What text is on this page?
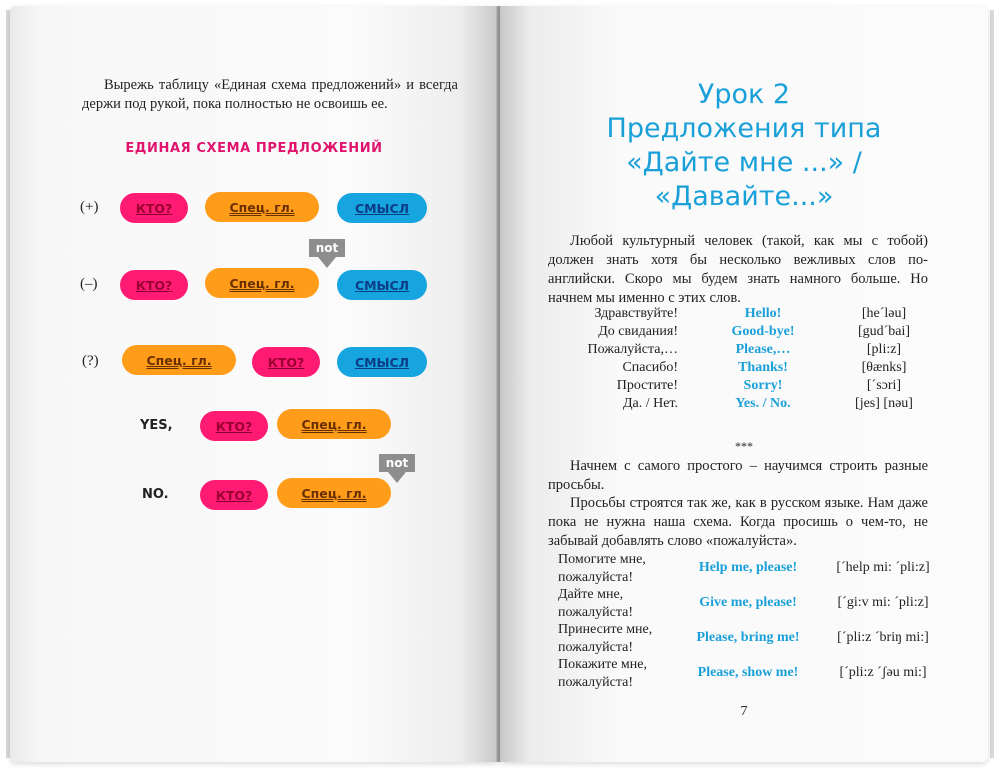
Вырежь таблицу «Единая схема предложений» и всегда держи под рукой, пока полностью не освоишь ее.
ЕДИНАЯ СХЕМА ПРЕДЛОЖЕНИЙ
(+)	КТО?	Спец. гл.	СМЫСЛ
(–)	КТО?	Спец. гл.	СМЫСЛ
not
(?)	Спец. гл.	КТО?	СМЫСЛ
YES,	КТО?	Спец. гл.
NO.	КТО?	Спец. гл.
not
Урок 2
Предложения типа
«Дайте мне ...» /
«Давайте...»
Любой культурный человек (такой, как мы с тобой) должен знать хотя бы несколько вежливых слов по-английски. Скоро мы будем знать намного больше. Но начнем мы именно с этих слов.
Здравствуйте!	Hello!	[he´ləu]
До свидания!	Good-bye!	[gud´bai]
Пожалуйста,…	Please,…	[pli:z]
Спасибо!	Thanks!	[θænks]
Простите!	Sorry!	[´sɔri]
Да. / Нет.	Yes. / No.	[jes] [nəu]
***
Начнем с самого простого – научимся строить разные просьбы.
Просьбы строятся так же, как в русском языке. Нам даже пока не нужна наша схема. Когда просишь о чем-то, не забывай добавлять слово «пожалуйста».
Помогите мне,
пожалуйста!
Help me, please!	[´help mi: ´pli:z]
Дайте мне,
пожалуйста!
Give me, please!	[´gi:v mi: ´pli:z]
Принесите мне,
пожалуйста!
Please, bring me!	[´pli:z ´briŋ mi:]
Покажите мне,
пожалуйста!
Please, show me!	[´pli:z ´ʃəu mi:]
7
